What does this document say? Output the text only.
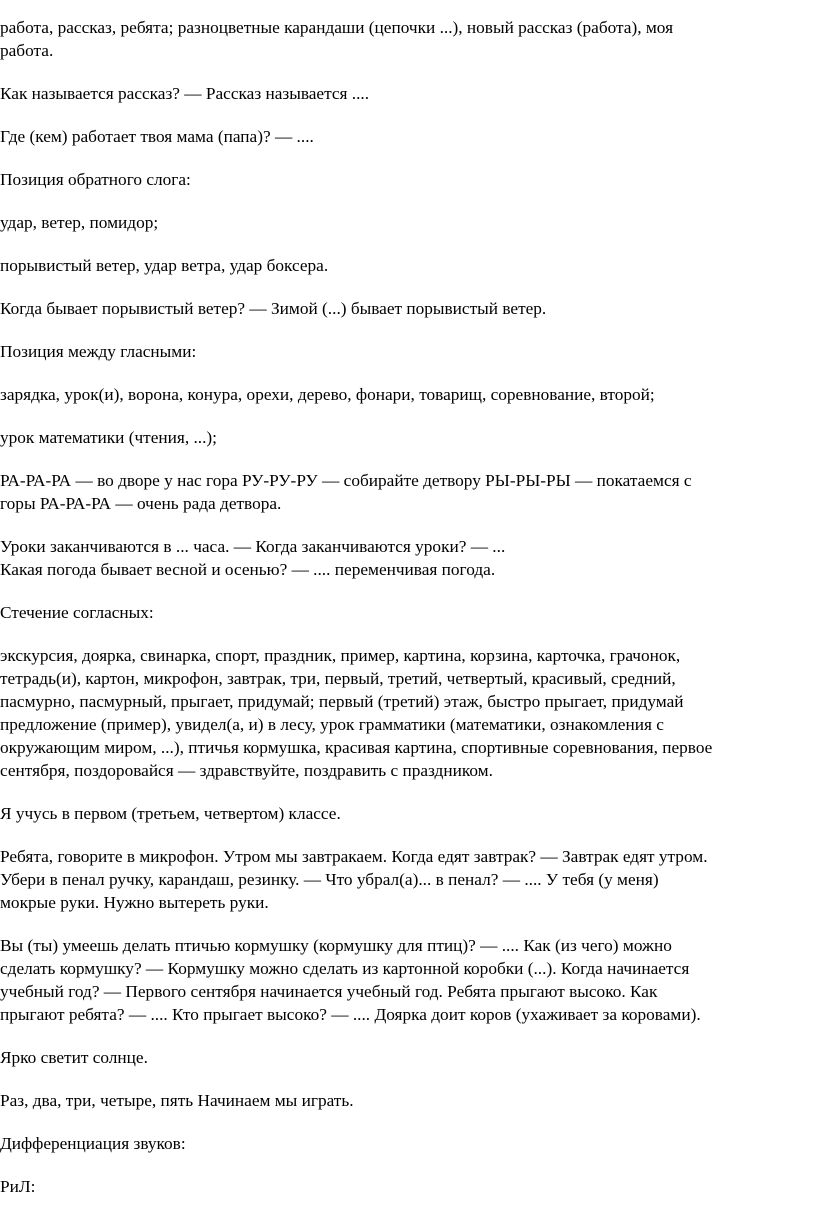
работа, рассказ, ребята; разноцветные карандаши (цепочки ...), новый рассказ (работа), моя
работа.

Как называется рассказ? — Рассказ называется ....

Где (кем) работает твоя мама (папа)? — ....

Позиция обратного слога:

удар, ветер, помидор;

порывистый ветер, удар ветра, удар боксера.

Когда бывает порывистый ветер? — Зимой (...) бывает порывистый ветер.

Позиция между гласными:

зарядка, урок(и), ворона, конура, орехи, дерево, фонари, товарищ, соревнование, второй;

урок математики (чтения, ...);

РА-РА-РА — во дворе у нас гора РУ-РУ-РУ — собирайте детвору РЫ-РЫ-РЫ — покатаемся с
горы РА-РА-РА — очень рада детвора.

Уроки заканчиваются в ... часа. — Когда заканчиваются уроки? — ...
Какая погода бывает весной и осенью? — .... переменчивая погода.

Стечение согласных:

экскурсия, доярка, свинарка, спорт, праздник, пример, картина, корзина, карточка, грачонок,
тетрадь(и), картон, микрофон, завтрак, три, первый, третий, четвертый, красивый, средний,
пасмурно, пасмурный, прыгает, придумай; первый (третий) этаж, быстро прыгает, придумай
предложение (пример), увидел(а, и) в лесу, урок грамматики (математики, ознакомления с
окружающим миром, ...), птичья кормушка, красивая картина, спортивные соревнования, первое
сентября, поздоровайся — здравствуйте, поздравить с праздником.

Я учусь в первом (третьем, четвертом) классе.

Ребята, говорите в микрофон. Утром мы завтракаем. Когда едят завтрак? — Завтрак едят утром.
Убери в пенал ручку, карандаш, резинку. — Что убрал(а)... в пенал? — .... У тебя (у меня)
мокрые руки. Нужно вытереть руки.

Вы (ты) умеешь делать птичью кормушку (кормушку для птиц)? — .... Как (из чего) можно
сделать кормушку? — Кормушку можно сделать из картонной коробки (...). Когда начинается
учебный год? — Первого сентября начинается учебный год. Ребята прыгают высоко. Как
прыгают ребята? — .... Кто прыгает высоко? — .... Доярка доит коров (ухаживает за коровами).

Ярко светит солнце.

Раз, два, три, четыре, пять Начинаем мы играть.

Дифференциация звуков:

РиЛ:
